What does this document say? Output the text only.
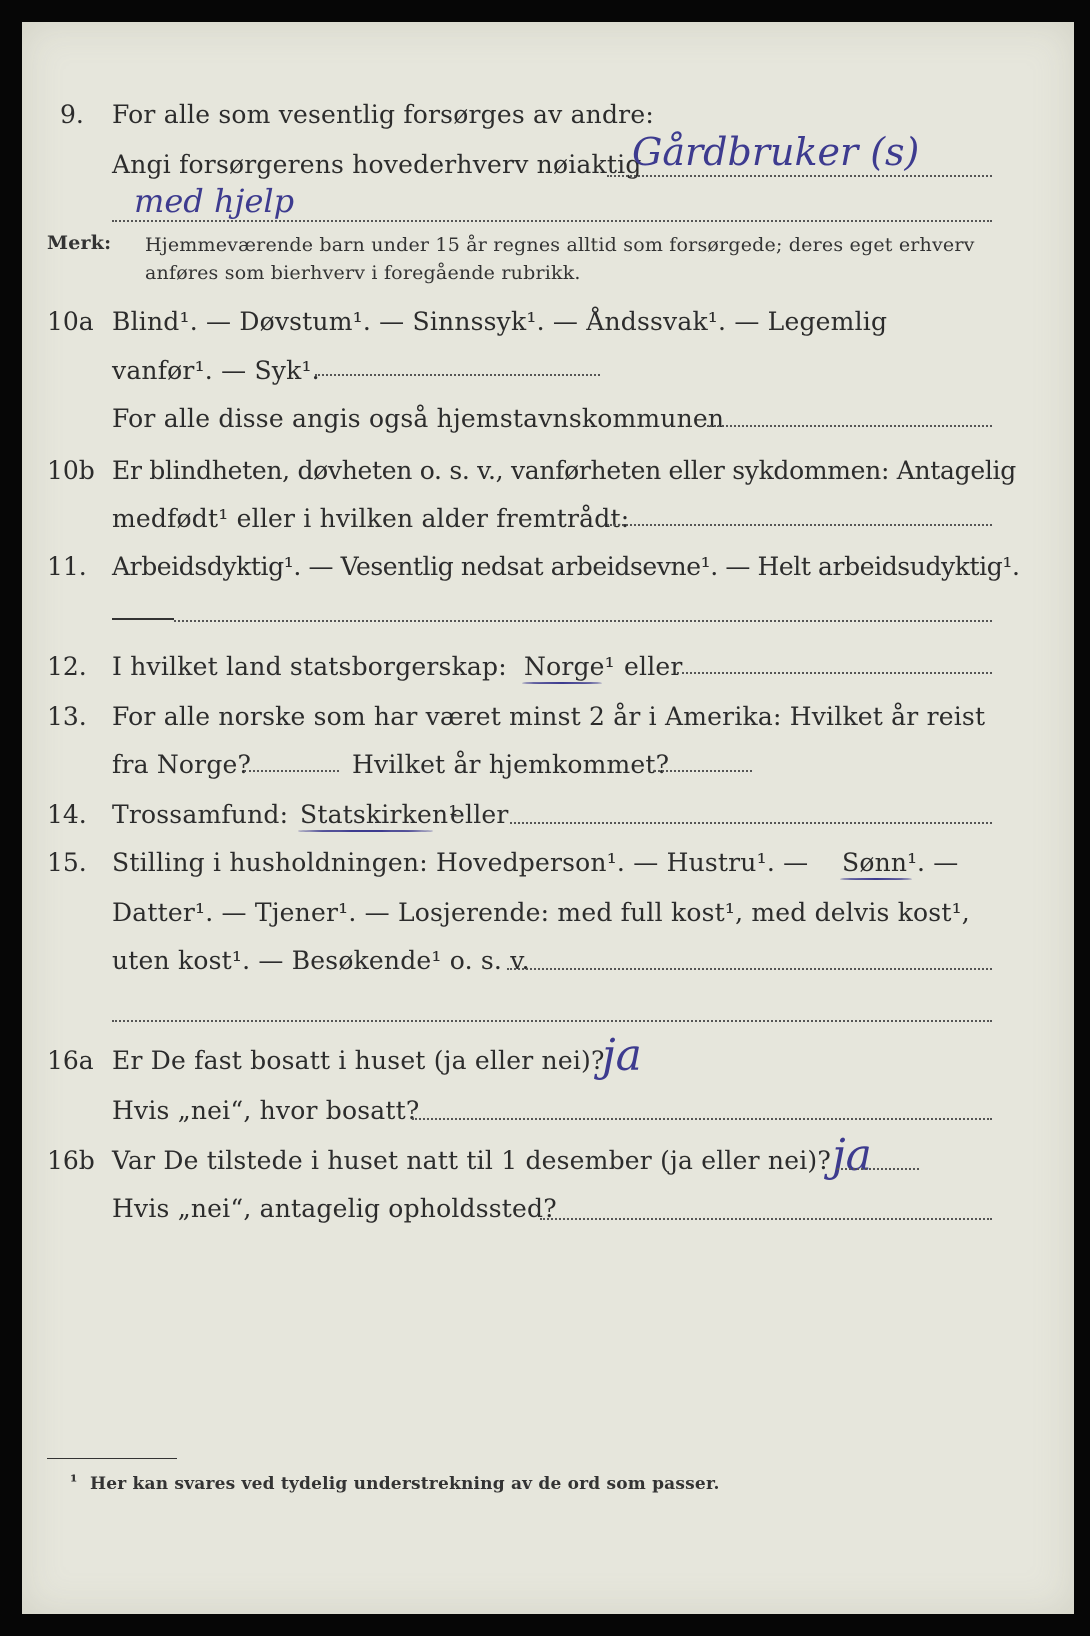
9. For alle som vesentlig forsørges av andre:
Angi forsørgerens hovederhverv nøiaktig
Gårdbruker (s)
med hjelp
Merk: Hjemmeværende barn under 15 år regnes alltid som forsørgede; deres eget erhverv
anføres som bierhverv i foregående rubrikk.
10a Blind¹. — Døvstum¹. — Sinnssyk¹. — Åndssvak¹. — Legemlig
vanfør¹. — Syk¹.
For alle disse angis også hjemstavnskommunen
10b Er blindheten, døvheten o. s. v., vanførheten eller sykdommen: Antagelig
medfødt¹ eller i hvilken alder fremtrådt:
11. Arbeidsdyktig¹. — Vesentlig nedsat arbeidsevne¹. — Helt arbeidsudyktig¹.
12. I hvilket land statsborgerskap: Norge¹ eller
13. For alle norske som har været minst 2 år i Amerika: Hvilket år reist
fra Norge?	Hvilket år hjemkommet?
14. Trossamfund: Statskirken¹
eller
15. Stilling i husholdningen: Hovedperson¹. — Hustru¹. — Sønn¹ . —
Datter¹. — Tjener¹. — Losjerende: med full kost¹, med delvis kost¹,
uten kost¹. — Besøkende¹ o. s. v.
16a Er De fast bosatt i huset (ja eller nei)?
ja
Hvis „nei“, hvor bosatt?
16b Var De tilstede i huset natt til 1 desember (ja eller nei)? ja
Hvis „nei“, antagelig opholdssted?
¹ Her kan svares ved tydelig understrekning av de ord som passer.
